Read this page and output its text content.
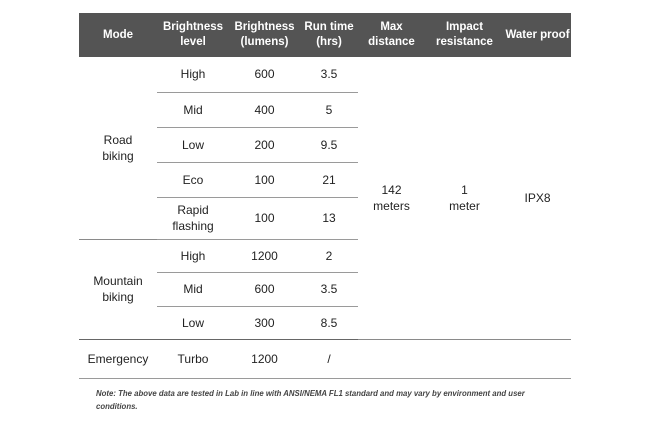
Mode	Brightness level	Brightness (lumens)	Run time (hrs)	Max distance	Impact resistance	Water proof
Road biking	High	600	3.5	142 meters	1 meter	IPX8
	Mid	400	5			
	Low	200	9.5			
	Eco	100	21			
	Rapid flashing	100	13			
Mountain biking	High	1200	2			
	Mid	600	3.5			
	Low	300	8.5			
Emergency	Turbo	1200	/			
Note: The above data are tested in Lab in line with ANSI/NEMA FL1 standard and may vary by environment and user conditions.
